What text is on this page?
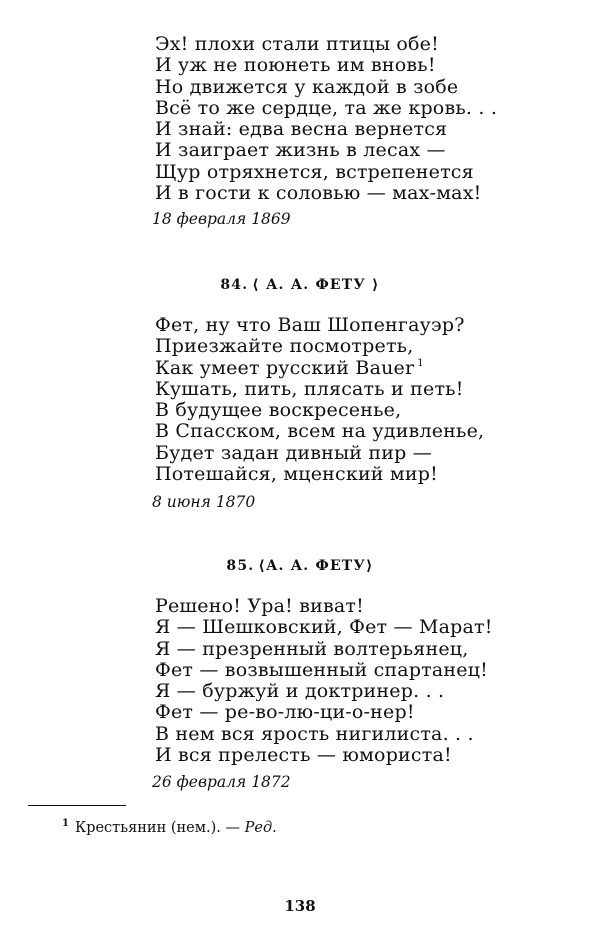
Эх! плохи стали птицы обе!
И уж не поюнеть им вновь!
Но движется у каждой в зобе
Всё то же сердце, та же кровь. . .
И знай: едва весна вернется
И заиграет жизнь в лесах —
Щур отряхнется, встрепенется
И в гости к соловью — мах-мах!
18 февраля 1869
84. ⟨ А. А. ФЕТУ ⟩
Фет, ну что Ваш Шопенгауэр?
Приезжайте посмотреть,
Как умеет русский Bauer $^1$
Кушать, пить, плясать и петь!
В будущее воскресенье,
В Спасском, всем на удивленье,
Будет задан дивный пир —
Потешайся, мценский мир!
8 июня 1870
85. ⟨А. А. ФЕТУ⟩
Решено! Ура! виват!
Я — Шешковский, Фет — Марат!
Я — презренный волтерьянец,
Фет — возвышенный спартанец!
Я — буржуй и доктринер. . .
Фет — ре-во-лю-ци-о-нер!
В нем вся ярость нигилиста. . .
И вся прелесть — юмориста!
26 февраля 1872
$^1$ Крестьянин (нем.). — Ред.
138
